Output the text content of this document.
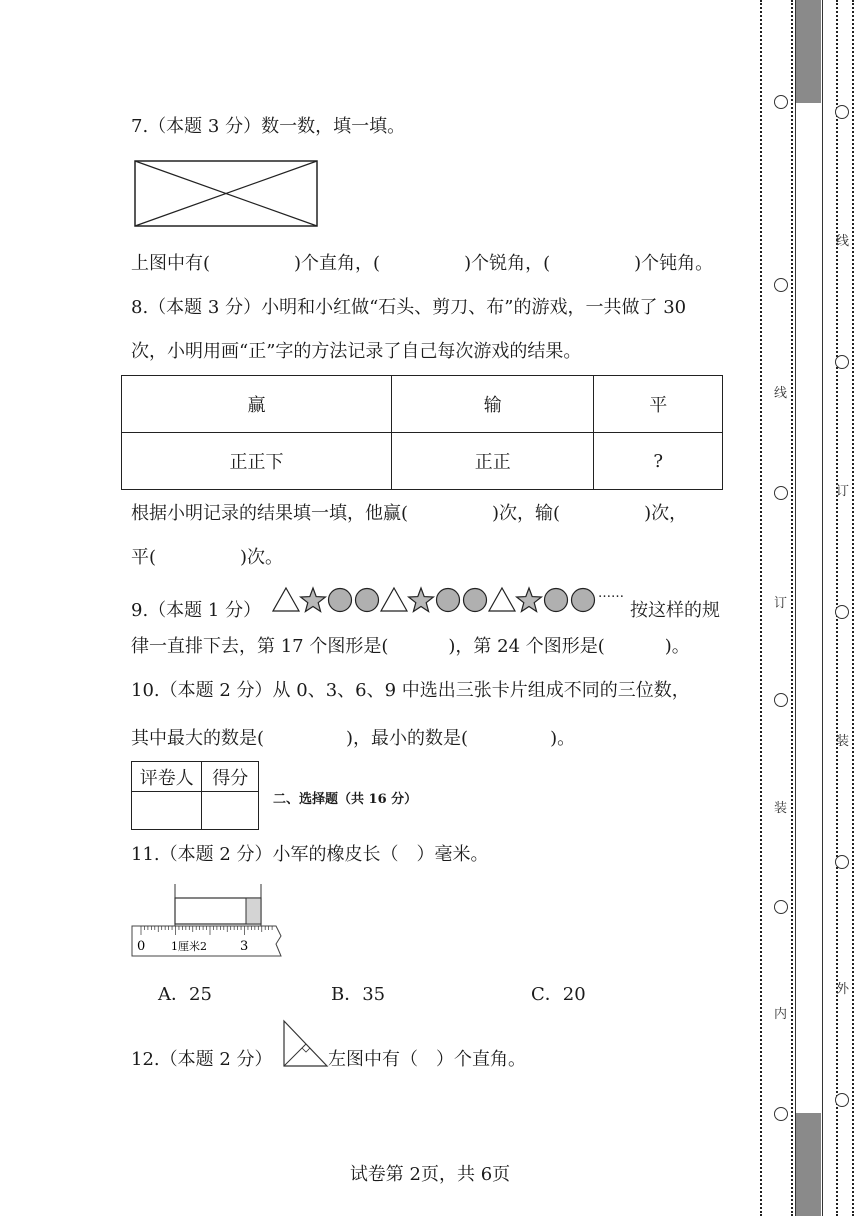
7.（本题 3 分）数一数，填一填。
上图中有(	)个直角，(	)个锐角，(	)个钝角。
8.（本题 3 分）小明和小红做“石头、剪刀、布”的游戏，一共做了 30
次，小明用画“正”字的方法记录了自己每次游戏的结果。
赢	输	平
正正下	正正	?
根据小明记录的结果填一填，他赢(	)次，输(	)次，
平(	)次。
9.（本题 1 分）
……
按这样的规
律一直排下去，第 17 个图形是(	)，第 24 个图形是(	)。
10.（本题 2 分）从 0、3、6、9 中选出三张卡片组成不同的三位数，
其中最大的数是(	)，最小的数是(	)。
评卷人	得分

二、选择题（共 16 分）
11.（本题 2 分）小军的橡皮长（　）毫米。
0 1厘米2	3
A．25	B．35	C．20
12.（本题 2 分）	左图中有（　）个直角。
试卷第 2页，共 6页
线
订
装
内
线
订
装
外
